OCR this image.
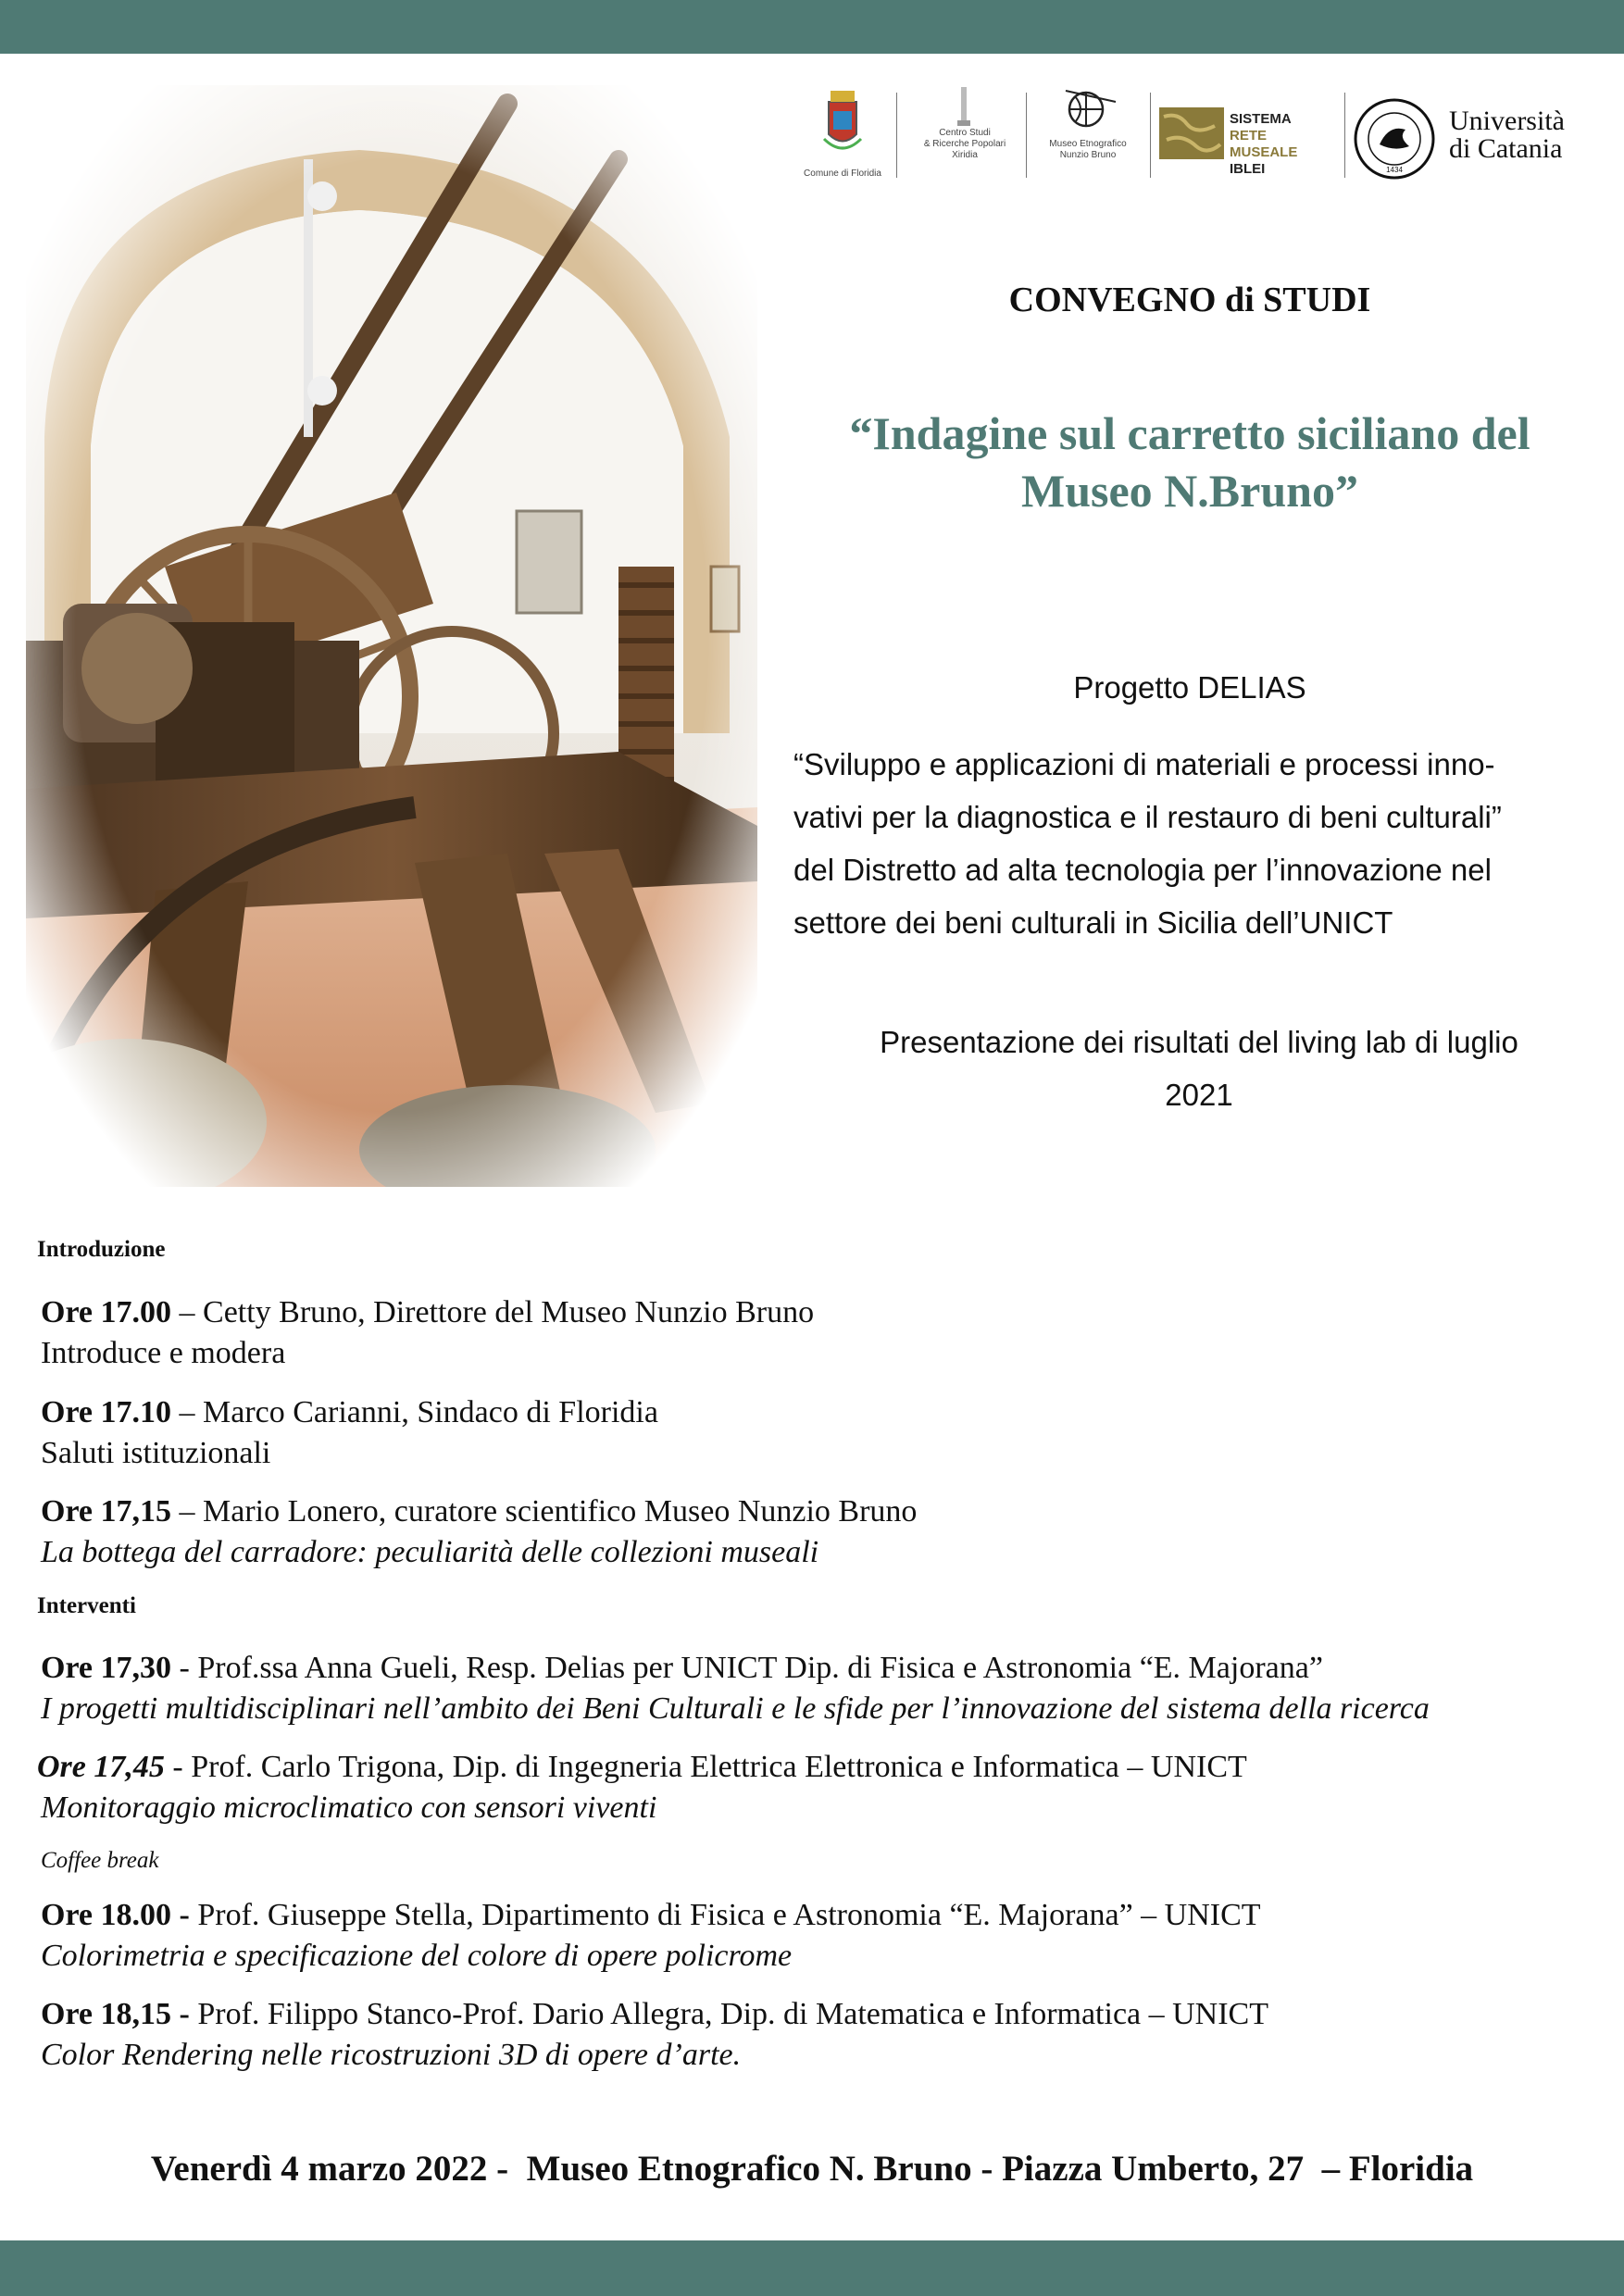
Comune di Floridia
Centro Studi
& Ricerche Popolari
Xiridia
Museo Etnografico
Nunzio Bruno
SISTEMA
RETE MUSEALE
IBLEI	1434
Università
di Catania
CONVEGNO di STUDI
“Indagine sul carretto siciliano del
Museo N.Bruno”
Progetto DELIAS
“Sviluppo e applicazioni di materiali e processi inno-
vativi per la diagnostica e il restauro di beni culturali”
del Distretto ad alta tecnologia per l’innovazione nel
settore dei beni culturali in Sicilia dell’UNICT
Presentazione dei risultati del living lab di luglio
2021
Introduzione
Ore 17.00 – Cetty Bruno, Direttore del Museo Nunzio Bruno
Introduce e modera
Ore 17.10 – Marco Carianni, Sindaco di Floridia
Saluti istituzionali
Ore 17,15 – Mario Lonero, curatore scientifico Museo Nunzio Bruno
La bottega del carradore: peculiarità delle collezioni museali
Interventi
Ore 17,30 - Prof.ssa Anna Gueli, Resp. Delias per UNICT Dip. di Fisica e Astronomia “E. Majorana”
I progetti multidisciplinari nell’ambito dei Beni Culturali e le sfide per l’innovazione del sistema della ricerca
Ore 17,45 - Prof. Carlo Trigona, Dip. di Ingegneria Elettrica Elettronica e Informatica – UNICT
Monitoraggio microclimatico con sensori viventi
Coffee break
Ore 18.00 - Prof. Giuseppe Stella, Dipartimento di Fisica e Astronomia “E. Majorana” – UNICT
Colorimetria e specificazione del colore di opere policrome
Ore 18,15 - Prof. Filippo Stanco-Prof. Dario Allegra, Dip. di Matematica e Informatica – UNICT
Color Rendering nelle ricostruzioni 3D di opere d’arte.
Venerdì 4 marzo 2022 -  Museo Etnografico N. Bruno - Piazza Umberto, 27  – Floridia
